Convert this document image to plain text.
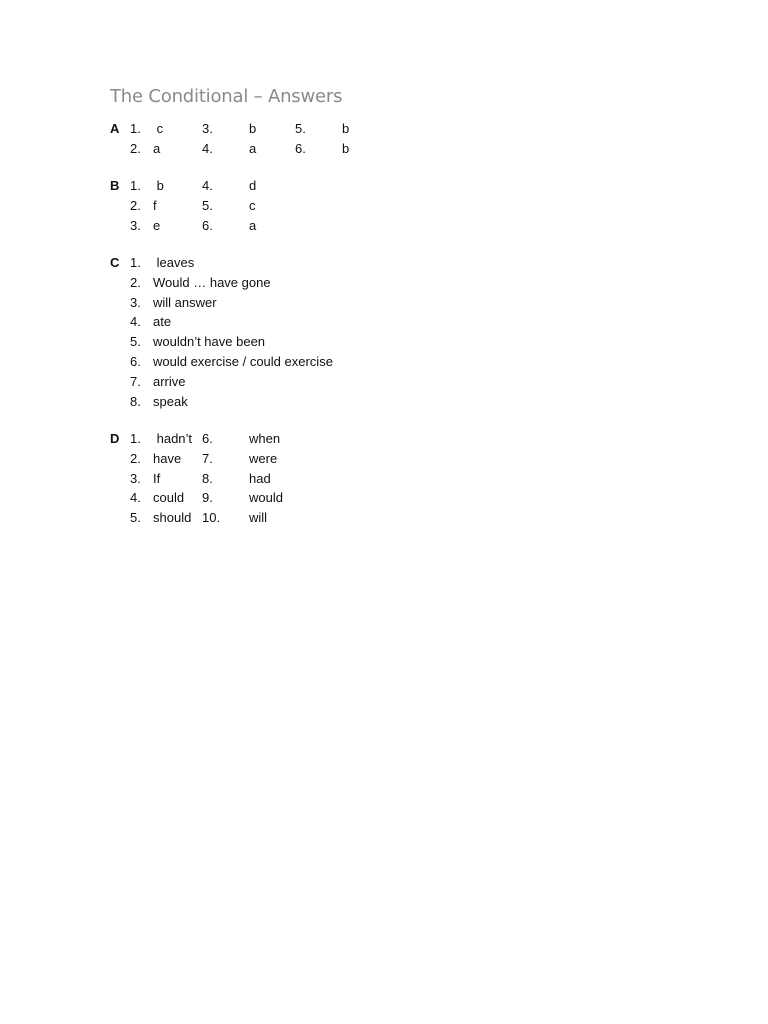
The Conditional – Answers
A 1. c	3.	b	5.	b
2. a	4.	a	6.	b
B 1. b	4.	d
2. f	5.	c
3. e	6.	a
C 1. leaves
2. Would … have gone
3. will answer
4. ate
5. wouldn’t have been
6. would exercise / could exercise
7. arrive
8. speak
D 1. hadn’t 6.	when
2. have 7.	were
3. If	8.	had
4. could 9.	would
5. should 10. will
